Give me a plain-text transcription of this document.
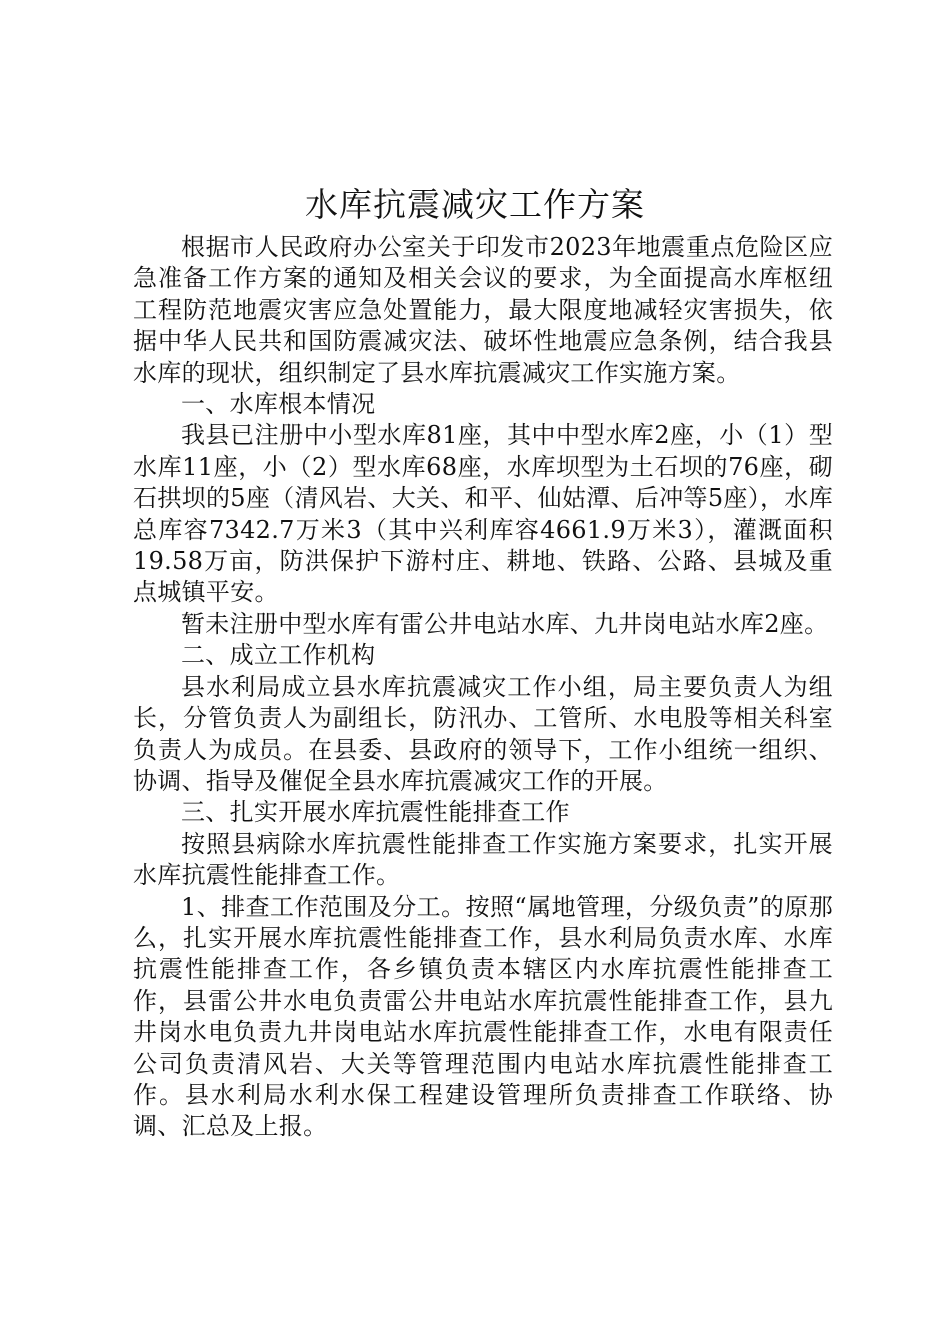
水库抗震减灾工作方案

根据市人民政府办公室关于印发市2023年地震重点危险区应急准备工作方案的通知及相关会议的要求，为全面提高水库枢纽工程防范地震灾害应急处置能力，最大限度地减轻灾害损失，依据中华人民共和国防震减灾法、破坏性地震应急条例，结合我县水库的现状，组织制定了县水库抗震减灾工作实施方案。

一、水库根本情况

我县已注册中小型水库81座，其中中型水库2座，小（1）型水库11座，小（2）型水库68座，水库坝型为土石坝的76座，砌石拱坝的5座（清风岩、大关、和平、仙姑潭、后冲等5座），水库总库容7342.7万米3（其中兴利库容4661.9万米3），灌溉面积19.58万亩，防洪保护下游村庄、耕地、铁路、公路、县城及重点城镇平安。

暂未注册中型水库有雷公井电站水库、九井岗电站水库2座。

二、成立工作机构

县水利局成立县水库抗震减灾工作小组，局主要负责人为组长，分管负责人为副组长，防汛办、工管所、水电股等相关科室负责人为成员。在县委、县政府的领导下，工作小组统一组织、协调、指导及催促全县水库抗震减灾工作的开展。

三、扎实开展水库抗震性能排查工作

按照县病除水库抗震性能排查工作实施方案要求，扎实开展水库抗震性能排查工作。

1、排查工作范围及分工。按照“属地管理，分级负责”的原那么，扎实开展水库抗震性能排查工作，县水利局负责水库、水库抗震性能排查工作，各乡镇负责本辖区内水库抗震性能排查工作，县雷公井水电负责雷公井电站水库抗震性能排查工作，县九井岗水电负责九井岗电站水库抗震性能排查工作，水电有限责任公司负责清风岩、大关等管理范围内电站水库抗震性能排查工作。县水利局水利水保工程建设管理所负责排查工作联络、协调、汇总及上报。
